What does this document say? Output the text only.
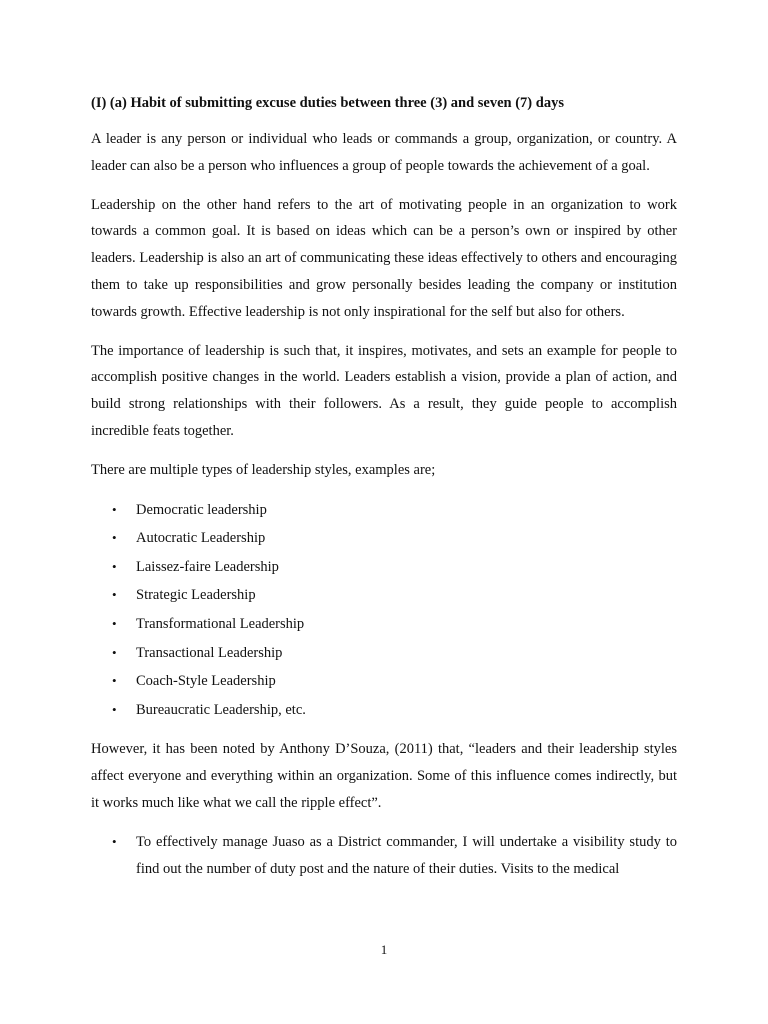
(I) (a) Habit of submitting excuse duties between three (3) and seven (7) days

A leader is any person or individual who leads or commands a group, organization, or country. A leader can also be a person who influences a group of people towards the achievement of a goal.

Leadership on the other hand refers to the art of motivating people in an organization to work towards a common goal. It is based on ideas which can be a person’s own or inspired by other leaders. Leadership is also an art of communicating these ideas effectively to others and encouraging them to take up responsibilities and grow personally besides leading the company or institution towards growth. Effective leadership is not only inspirational for the self but also for others.

The importance of leadership is such that, it inspires, motivates, and sets an example for people to accomplish positive changes in the world. Leaders establish a vision, provide a plan of action, and build strong relationships with their followers. As a result, they guide people to accomplish incredible feats together.

There are multiple types of leadership styles, examples are;

• Democratic leadership
• Autocratic Leadership
• Laissez-faire Leadership
• Strategic Leadership
• Transformational Leadership
• Transactional Leadership
• Coach-Style Leadership
• Bureaucratic Leadership, etc.

However, it has been noted by Anthony D’Souza, (2011) that, “leaders and their leadership styles affect everyone and everything within an organization. Some of this influence comes indirectly, but it works much like what we call the ripple effect”.

• To effectively manage Juaso as a District commander, I will undertake a visibility study to find out the number of duty post and the nature of their duties. Visits to the medical
1
